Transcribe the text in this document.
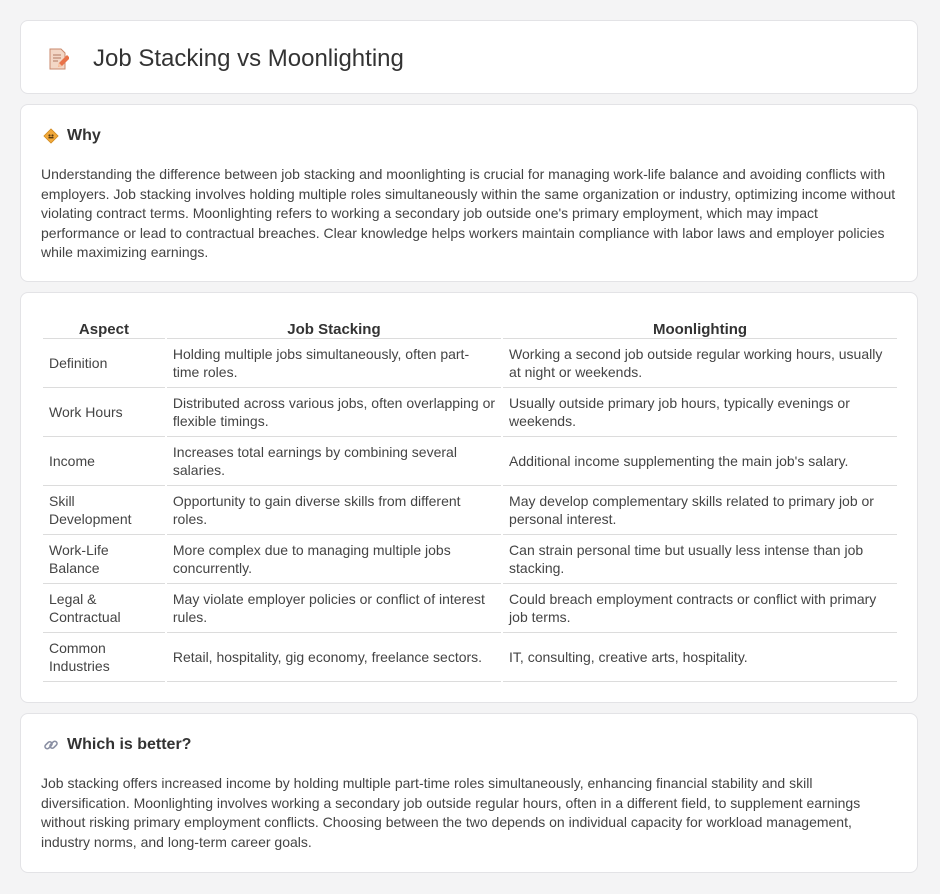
Job Stacking vs Moonlighting
Why

Understanding the difference between job stacking and moonlighting is crucial for managing work-life balance and avoiding conflicts with employers. Job stacking involves holding multiple roles simultaneously within the same organization or industry, optimizing income without violating contract terms. Moonlighting refers to working a secondary job outside one's primary employment, which may impact performance or lead to contractual breaches. Clear knowledge helps workers maintain compliance with labor laws and employer policies while maximizing earnings.

Aspect	Job Stacking	Moonlighting
Definition	Holding multiple jobs simultaneously, often part-time roles.	Working a second job outside regular working hours, usually at night or weekends.
Work Hours	Distributed across various jobs, often overlapping or flexible timings.	Usually outside primary job hours, typically evenings or weekends.
Income	Increases total earnings by combining several salaries.	Additional income supplementing the main job's salary.
Skill Development	Opportunity to gain diverse skills from different roles.	May develop complementary skills related to primary job or personal interest.
Work-Life Balance	More complex due to managing multiple jobs concurrently.	Can strain personal time but usually less intense than job stacking.
Legal & Contractual	May violate employer policies or conflict of interest rules.	Could breach employment contracts or conflict with primary job terms.
Common Industries	Retail, hospitality, gig economy, freelance sectors.	IT, consulting, creative arts, hospitality.
Which is better?

Job stacking offers increased income by holding multiple part-time roles simultaneously, enhancing financial stability and skill diversification. Moonlighting involves working a secondary job outside regular hours, often in a different field, to supplement earnings without risking primary employment conflicts. Choosing between the two depends on individual capacity for workload management, industry norms, and long-term career goals.
